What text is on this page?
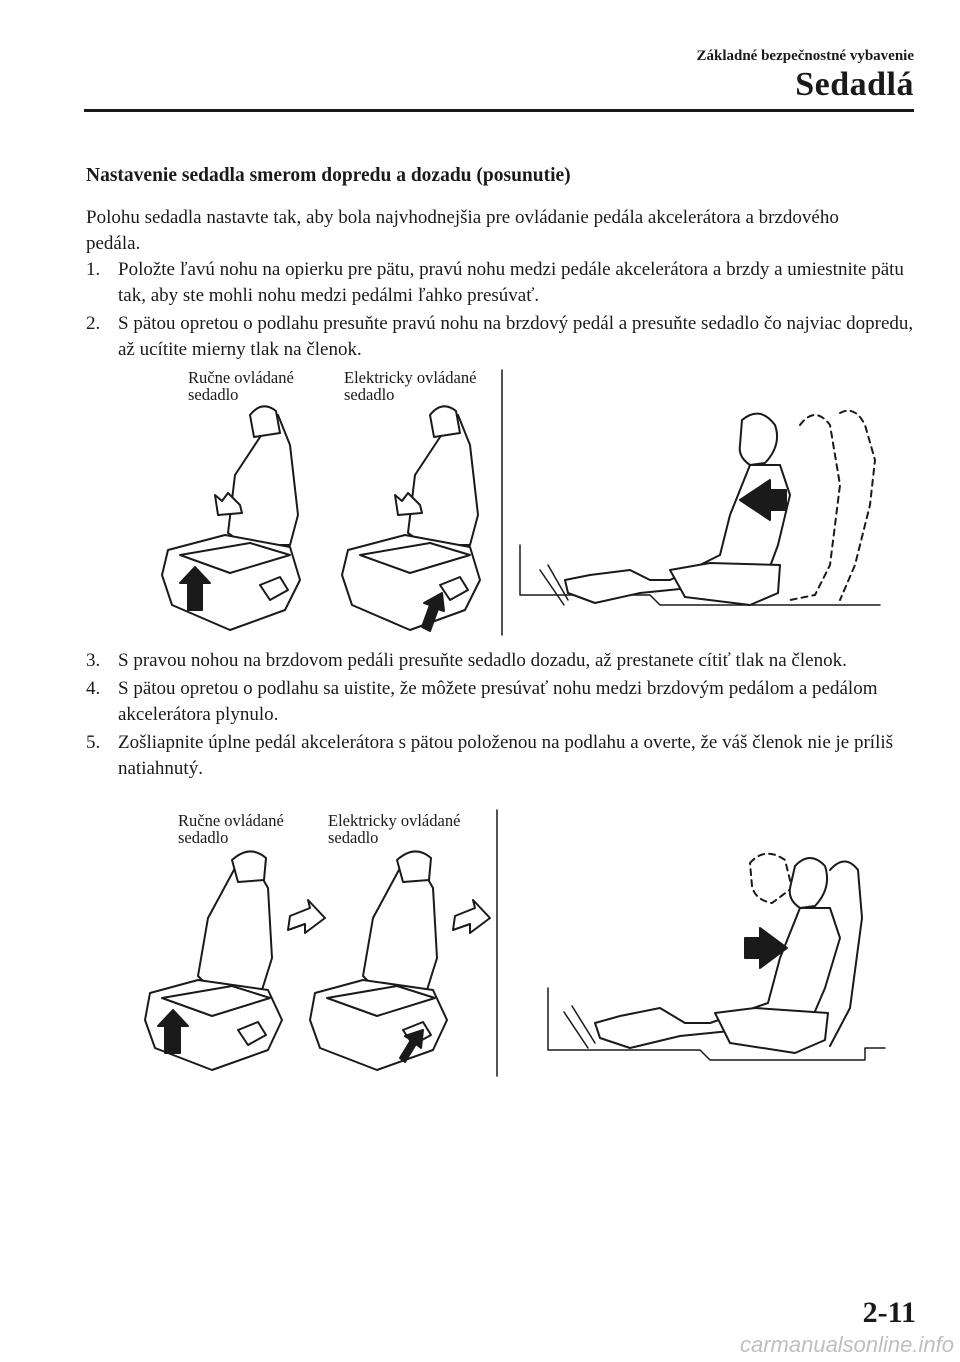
Základné bezpečnostné vybavenie
Sedadlá
Nastavenie sedadla smerom dopredu a dozadu (posunutie)

Polohu sedadla nastavte tak, aby bola najvhodnejšia pre ovládanie pedála akcelerátora a brzdového pedála.

1. Položte ľavú nohu na opierku pre pätu, pravú nohu medzi pedále akcelerátora a brzdy a umiestnite pätu tak, aby ste mohli nohu medzi pedálmi ľahko presúvať.
2. S pätou opretou o podlahu presuňte pravú nohu na brzdový pedál a presuňte sedadlo čo najviac dopredu, až ucítite mierny tlak na členok.
Ručne ovládané
sedadlo
Elektricky ovládané
sedadlo
3. S pravou nohou na brzdovom pedáli presuňte sedadlo dozadu, až prestanete cítiť tlak na členok.
4. S pätou opretou o podlahu sa uistite, že môžete presúvať nohu medzi brzdovým pedálom a pedálom akcelerátora plynulo.
5. Zošliapnite úplne pedál akcelerátora s pätou položenou na podlahu a overte, že váš členok nie je príliš natiahnutý.
Ručne ovládané
sedadlo
Elektricky ovládané
sedadlo
2-11
carmanualsonline.info
